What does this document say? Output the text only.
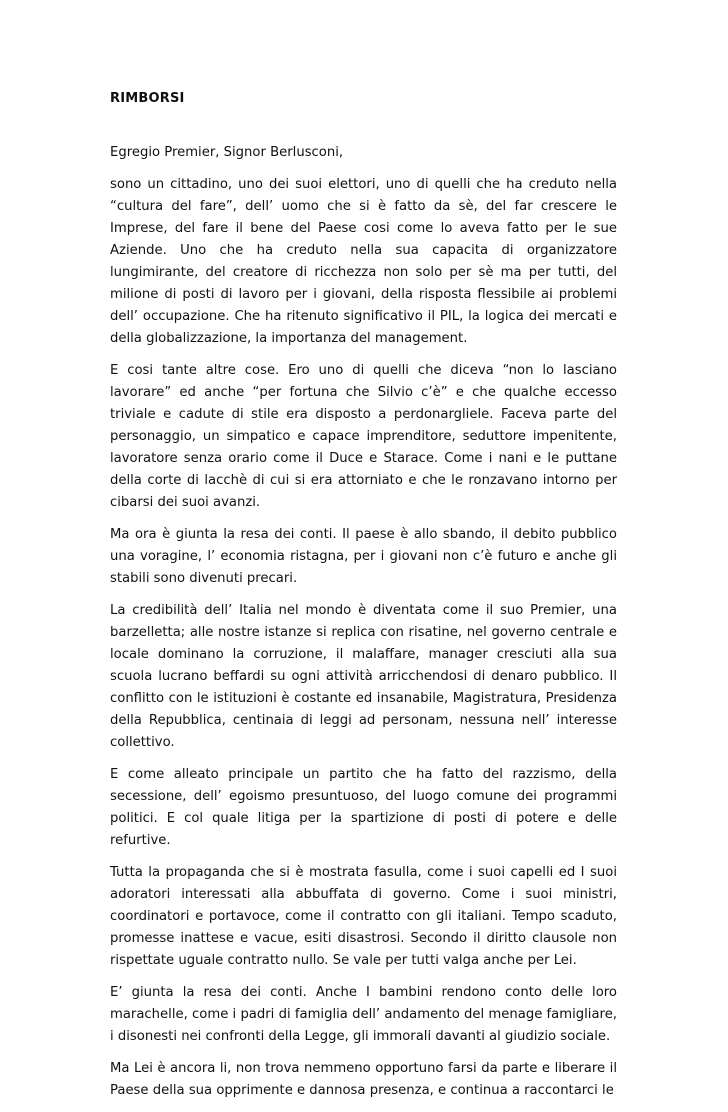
RIMBORSI
Egregio Premier, Signor Berlusconi,

sono un cittadino, uno dei suoi elettori, uno di quelli che ha creduto nella “cultura del fare”, dell’ uomo che si è fatto da sè, del far crescere le Imprese, del fare il bene del Paese cosi come lo aveva fatto per le sue Aziende. Uno che ha creduto nella sua capacita di organizzatore lungimirante, del creatore di ricchezza non solo per sè ma per tutti, del milione di posti di lavoro per i giovani, della risposta flessibile ai problemi dell’ occupazione. Che ha ritenuto significativo il PIL, la logica dei mercati e della globalizzazione, la importanza del management.

E cosi tante altre cose. Ero uno di quelli che diceva “non lo lasciano lavorare” ed anche “per fortuna che Silvio c’è” e che qualche eccesso triviale e cadute di stile era disposto a perdonargliele. Faceva parte del personaggio, un simpatico e capace imprenditore, seduttore impenitente, lavoratore senza orario come il Duce e Starace. Come i nani e le puttane della corte di lacchè di cui si era attorniato e che le ronzavano intorno per cibarsi dei suoi avanzi.

Ma ora è giunta la resa dei conti. Il paese è allo sbando, il debito pubblico una voragine, l’ economia ristagna, per i giovani non c’è futuro e anche gli stabili sono divenuti precari.

La credibilità dell’ Italia nel mondo è diventata come il suo Premier, una barzelletta; alle nostre istanze si replica con risatine, nel governo centrale e locale dominano la corruzione, il malaffare, manager cresciuti alla sua scuola lucrano beffardi su ogni attività arricchendosi di denaro pubblico. Il conflitto con le istituzioni è costante ed insanabile, Magistratura, Presidenza della Repubblica, centinaia di leggi ad personam, nessuna nell’ interesse collettivo.

E come alleato principale un partito che ha fatto del razzismo, della secessione, dell’ egoismo presuntuoso, del luogo comune dei programmi politici. E col quale litiga per la spartizione di posti di potere e delle refurtive.

Tutta la propaganda che si è mostrata fasulla, come i suoi capelli ed I suoi adoratori interessati alla abbuffata di governo. Come i suoi ministri, coordinatori e portavoce, come il contratto con gli italiani. Tempo scaduto, promesse inattese e vacue, esiti disastrosi. Secondo il diritto clausole non rispettate uguale contratto nullo. Se vale per tutti valga anche per Lei.

E’ giunta la resa dei conti. Anche I bambini rendono conto delle loro marachelle, come i padri di famiglia dell’ andamento del menage famigliare, i disonesti nei confronti della Legge, gli immorali davanti al giudizio sociale.

Ma Lei è ancora li, non trova nemmeno opportuno farsi da parte e liberare il Paese della sua opprimente e dannosa presenza, e continua a raccontarci le
